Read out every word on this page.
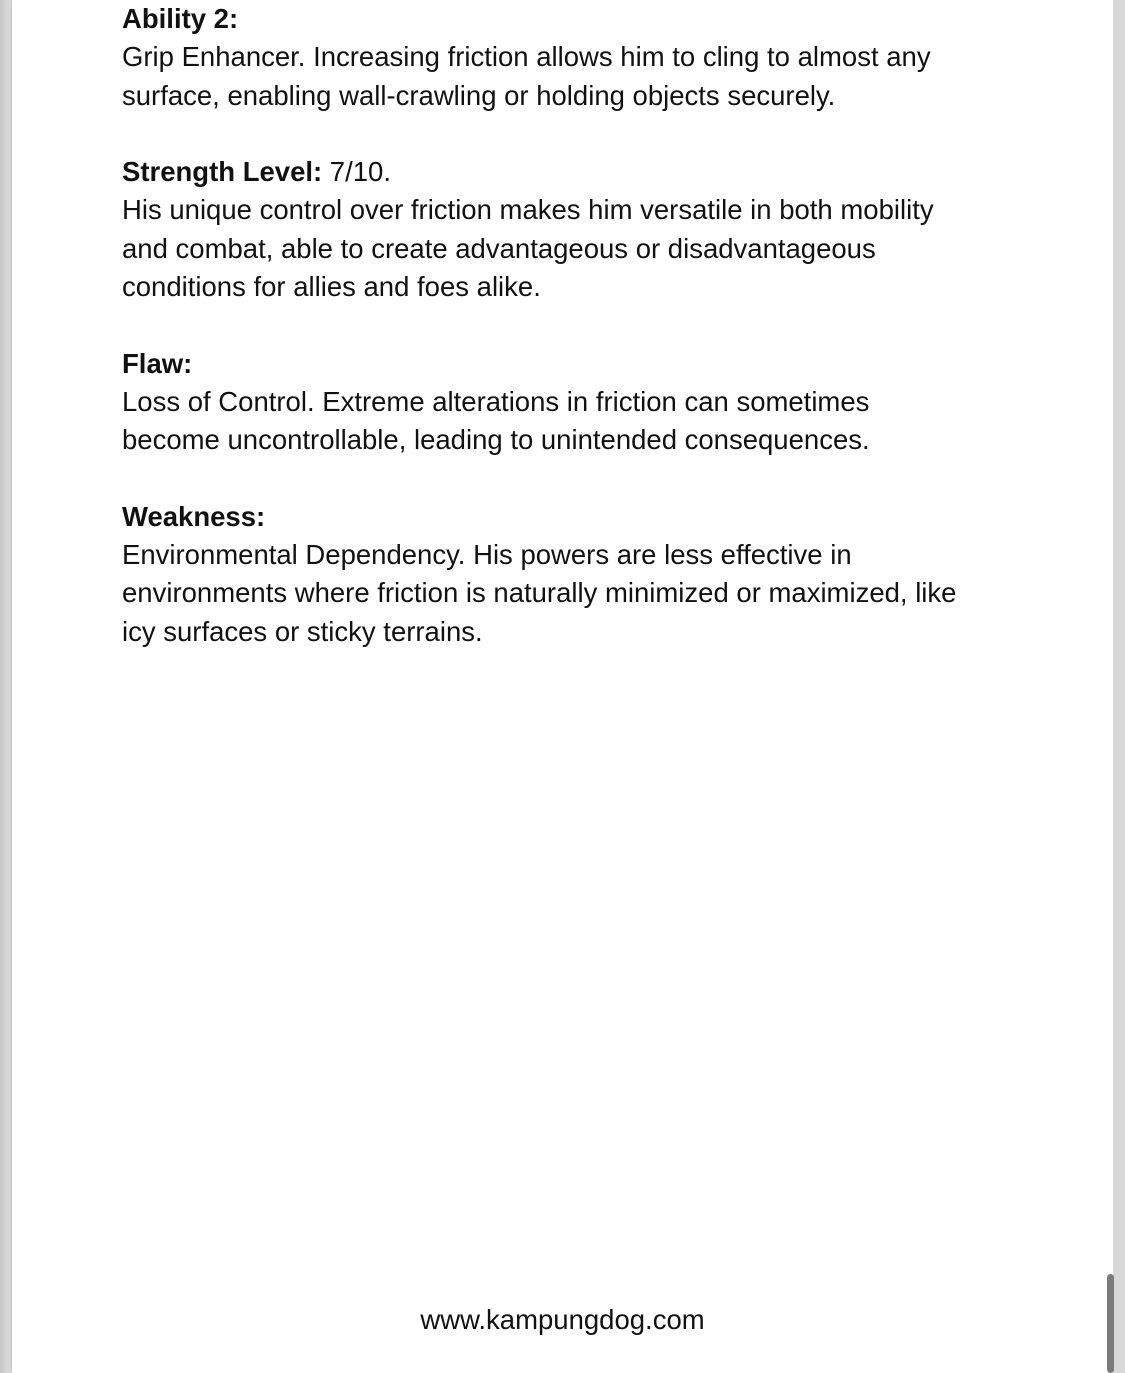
Ability 2:
Grip Enhancer. Increasing friction allows him to cling to almost any
surface, enabling wall-crawling or holding objects securely.
Strength Level: 7/10.
His unique control over friction makes him versatile in both mobility
and combat, able to create advantageous or disadvantageous
conditions for allies and foes alike.
Flaw:
Loss of Control. Extreme alterations in friction can sometimes
become uncontrollable, leading to unintended consequences.
Weakness:
Environmental Dependency. His powers are less effective in
environments where friction is naturally minimized or maximized, like
icy surfaces or sticky terrains.
www.kampungdog.com
